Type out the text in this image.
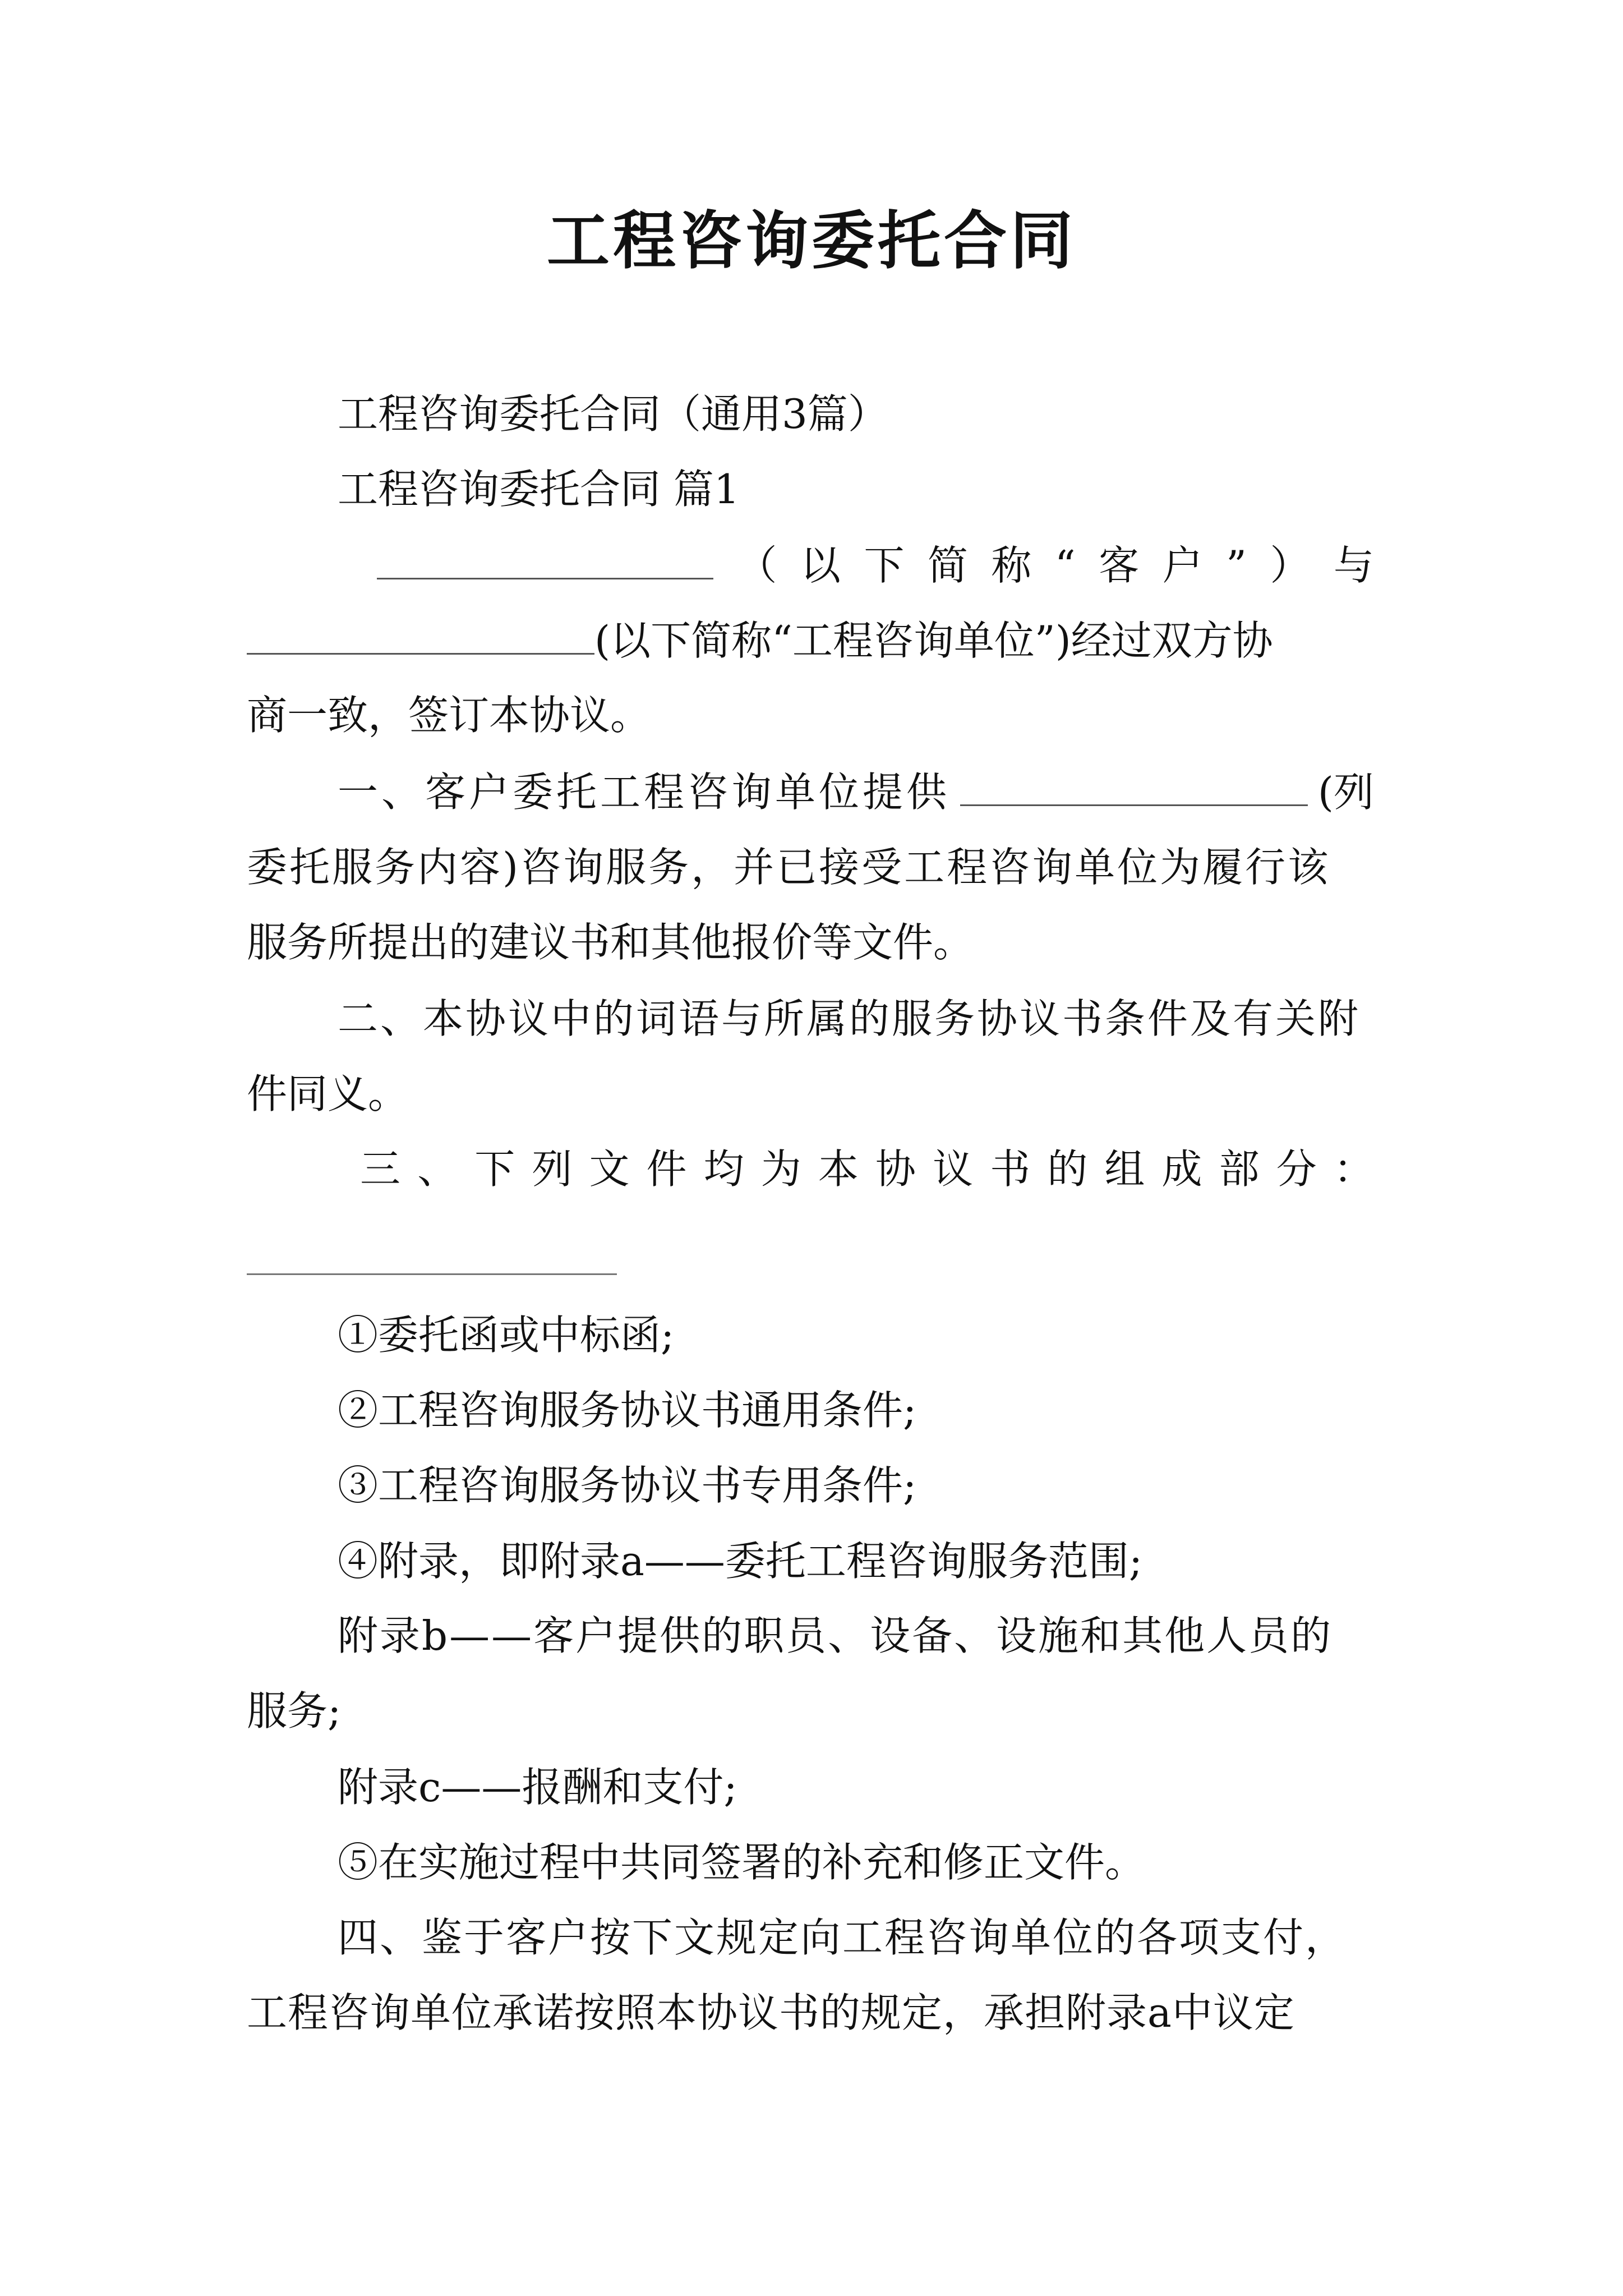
工程咨询委托合同
工程咨询委托合同（通用3篇）
工程咨询委托合同 篇1
（ 以 下 简 称 “ 客 户 ” ） 与
(以下简称“工程咨询单位”)经过双方协
商一致，签订本协议。
一、客户委托工程咨询单位提供	(列
委托服务内容)咨询服务，并已接受工程咨询单位为履行该
服务所提出的建议书和其他报价等文件。
二、本协议中的词语与所属的服务协议书条件及有关附
件同义。
三 、 下 列 文 件 均 为 本 协 议 书 的 组 成 部 分 ：
①委托函或中标函;
②工程咨询服务协议书通用条件;
③工程咨询服务协议书专用条件;
④附录，即附录a——委托工程咨询服务范围;
附录b——客户提供的职员、设备、设施和其他人员的
服务;
附录c——报酬和支付;
⑤在实施过程中共同签署的补充和修正文件。
四、鉴于客户按下文规定向工程咨询单位的各项支付，
工程咨询单位承诺按照本协议书的规定，承担附录a中议定
